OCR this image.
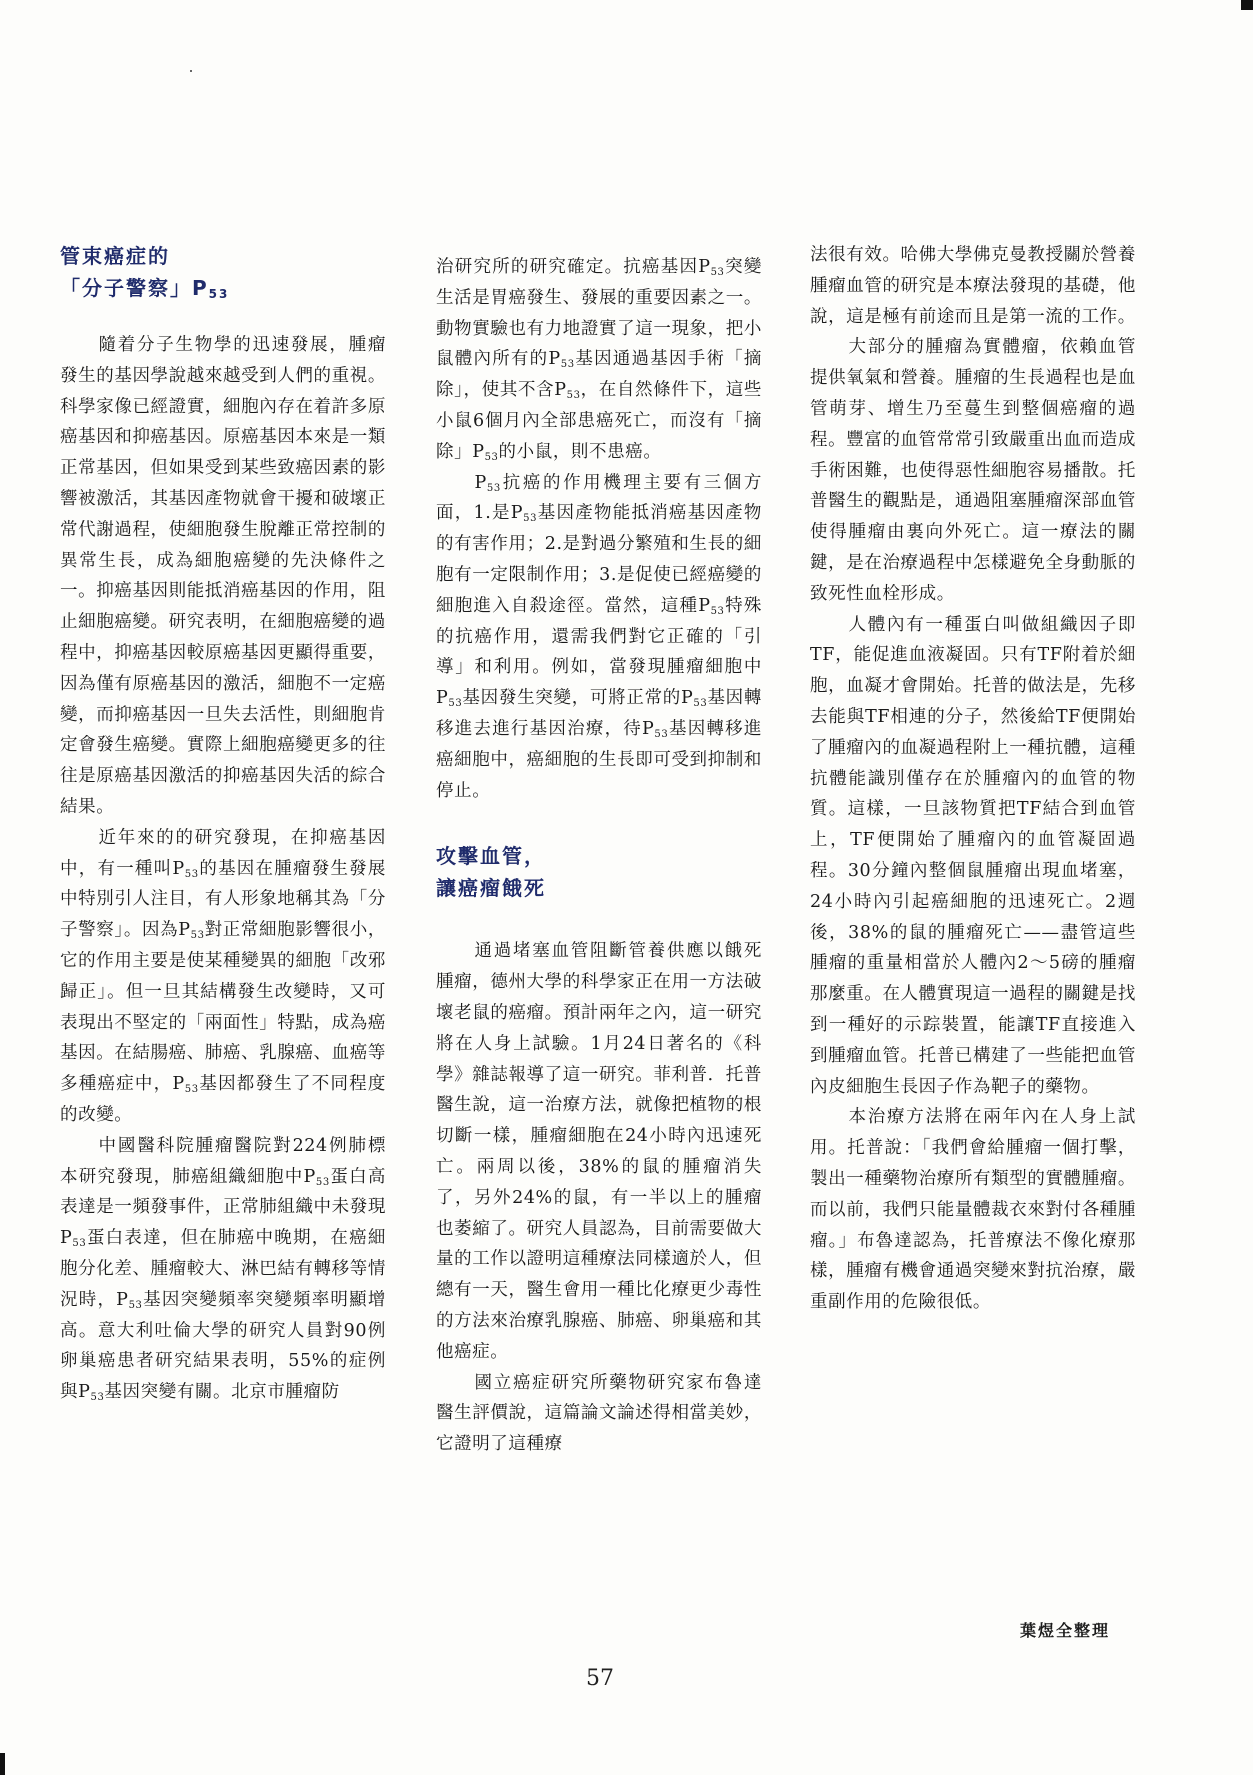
管束癌症的
「分子警察」$P_{53}$

隨着分子生物學的迅速發展，腫瘤發生的基因學說越來越受到人們的重視。科學家像已經證實，細胞內存在着許多原癌基因和抑癌基因。原癌基因本來是一類正常基因，但如果受到某些致癌因素的影響被激活，其基因產物就會干擾和破壞正常代謝過程，使細胞發生脫離正常控制的異常生長，成為細胞癌變的先決條件之一。抑癌基因則能抵消癌基因的作用，阻止細胞癌變。研究表明，在細胞癌變的過程中，抑癌基因較原癌基因更顯得重要，因為僅有原癌基因的激活，細胞不一定癌變，而抑癌基因一旦失去活性，則細胞肯定會發生癌變。實際上細胞癌變更多的往往是原癌基因激活的抑癌基因失活的綜合結果。

近年來的的研究發現，在抑癌基因中，有一種叫$P_{53}$的基因在腫瘤發生發展中特別引人注目，有人形象地稱其為「分子警察」。因為$P_{53}$對正常細胞影響很小，它的作用主要是使某種變異的細胞「改邪歸正」。但一旦其結構發生改變時，又可表現出不堅定的「兩面性」特點，成為癌基因。在結腸癌、肺癌、乳腺癌、血癌等多種癌症中，$P_{53}$基因都發生了不同程度的改變。

中國醫科院腫瘤醫院對224例肺標本研究發現，肺癌組織細胞中$P_{53}$蛋白高表達是一頻發事件，正常肺組織中未發現$P_{53}$蛋白表達，但在肺癌中晚期，在癌細胞分化差、腫瘤較大、淋巴結有轉移等情況時，$P_{53}$基因突變頻率突變頻率明顯增高。意大利吐倫大學的研究人員對90例卵巢癌患者研究結果表明，55%的症例與$P_{53}$基因突變有關。北京市腫瘤防

治研究所的研究確定。抗癌基因$P_{53}$突變生活是胃癌發生、發展的重要因素之一。動物實驗也有力地證實了這一現象，把小鼠體內所有的$P_{53}$基因通過基因手術「摘除」，使其不含$P_{53}$，在自然條件下，這些小鼠6個月內全部患癌死亡，而沒有「摘除」$P_{53}$的小鼠，則不患癌。

$P_{53}$抗癌的作用機理主要有三個方面，1.是$P_{53}$基因產物能抵消癌基因產物的有害作用；2.是對過分繁殖和生長的細胞有一定限制作用；3.是促使已經癌變的細胞進入自殺途徑。當然，這種$P_{53}$特殊的抗癌作用，還需我們對它正確的「引導」和利用。例如，當發現腫瘤細胞中$P_{53}$基因發生突變，可將正常的$P_{53}$基因轉移進去進行基因治療，待$P_{53}$基因轉移進癌細胞中，癌細胞的生長即可受到抑制和停止。

攻擊血管，
讓癌瘤餓死

通過堵塞血管阻斷管養供應以餓死腫瘤，德州大學的科學家正在用一方法破壞老鼠的癌瘤。預計兩年之內，這一研究將在人身上試驗。1月24日著名的《科學》雜誌報導了這一研究。菲利普．托普醫生說，這一治療方法，就像把植物的根切斷一樣，腫瘤細胞在24小時內迅速死亡。兩周以後，38%的鼠的腫瘤消失了，另外24%的鼠，有一半以上的腫瘤也萎縮了。研究人員認為，目前需要做大量的工作以證明這種療法同樣適於人，但總有一天，醫生會用一種比化療更少毒性的方法來治療乳腺癌、肺癌、卵巢癌和其他癌症。

國立癌症研究所藥物研究家布魯達醫生評價說，這篇論文論述得相當美妙，它證明了這種療

法很有效。哈佛大學佛克曼教授關於營養腫瘤血管的研究是本療法發現的基礎，他說，這是極有前途而且是第一流的工作。

大部分的腫瘤為實體瘤，依賴血管提供氧氣和營養。腫瘤的生長過程也是血管萌芽、增生乃至蔓生到整個癌瘤的過程。豐富的血管常常引致嚴重出血而造成手術困難，也使得惡性細胞容易播散。托普醫生的觀點是，通過阻塞腫瘤深部血管使得腫瘤由裏向外死亡。這一療法的關鍵，是在治療過程中怎樣避免全身動脈的致死性血栓形成。

人體內有一種蛋白叫做組織因子即TF，能促進血液凝固。只有TF附着於細胞，血凝才會開始。托普的做法是，先移去能與TF相連的分子，然後給TF便開始了腫瘤內的血凝過程附上一種抗體，這種抗體能識別僅存在於腫瘤內的血管的物質。這樣，一旦該物質把TF結合到血管上，TF便開始了腫瘤內的血管凝固過程。30分鐘內整個鼠腫瘤出現血堵塞，24小時內引起癌細胞的迅速死亡。2週後，38%的鼠的腫瘤死亡——盡管這些腫瘤的重量相當於人體內2～5磅的腫瘤那麼重。在人體實現這一過程的關鍵是找到一種好的示踪裝置，能讓TF直接進入到腫瘤血管。托普已構建了一些能把血管內皮細胞生長因子作為靶子的藥物。

本治療方法將在兩年內在人身上試用。托普說：「我們會給腫瘤一個打擊，製出一種藥物治療所有類型的實體腫瘤。而以前，我們只能量體裁衣來對付各種腫瘤。」布魯達認為，托普療法不像化療那樣，腫瘤有機會通過突變來對抗治療，嚴重副作用的危險很低。

葉煜全整理
57
